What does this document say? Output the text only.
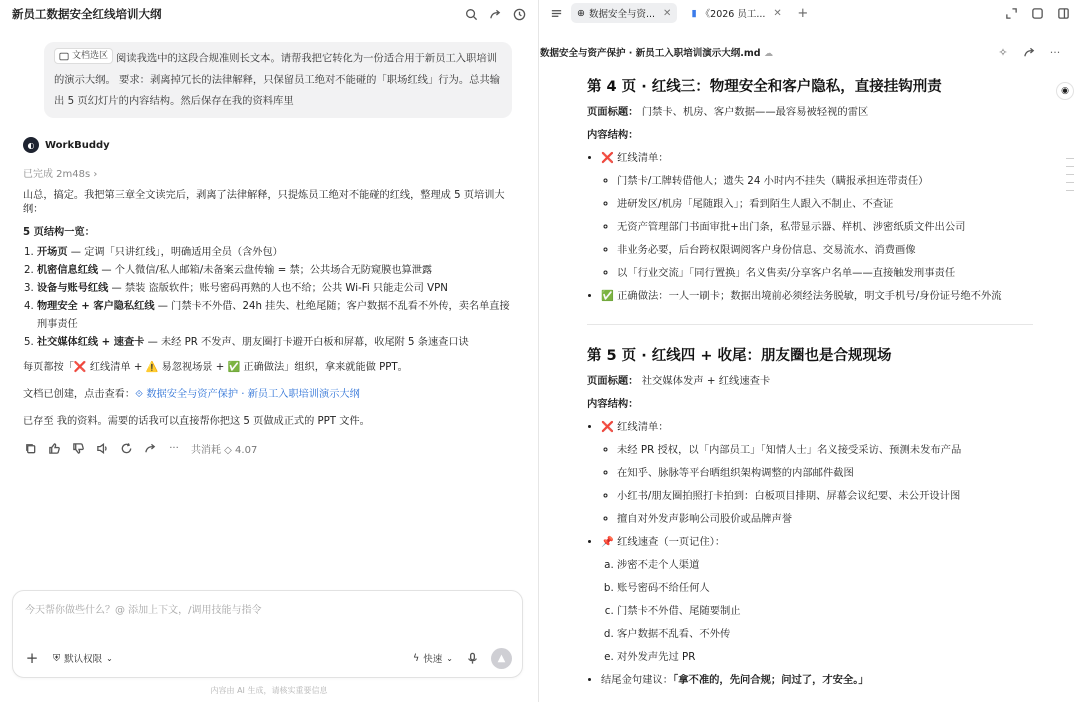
新员工数据安全红线培训大纲
文档选区 阅读我选中的这段合规准则长文本。请帮我把它转化为一份适合用于新员工入职培训的演示大纲。 要求：剥离掉冗长的法律解释，只保留员工绝对不能碰的「职场红线」行为。总共输出 5 页幻灯片的内容结构。然后保存在我的资料库里
◐	WorkBuddy
已完成 2m48s ›
山总，搞定。我把第三章全文读完后，剥离了法律解释，只提炼员工绝对不能碰的红线，整理成 5 页培训大纲：
5 页结构一览：
1. 开场页 — 定调「只讲红线」，明确适用全员（含外包）
2. 机密信息红线 — 个人微信/私人邮箱/未备案云盘传输 = 禁；公共场合无防窥膜也算泄露
3. 设备与账号红线 — 禁装 盗版软件；账号密码再熟的人也不给；公共 Wi-Fi 只能走公司 VPN
4. 物理安全 + 客户隐私红线 — 门禁卡不外借、24h 挂失、杜绝尾随；客户数据不乱看不外传，卖名单直接刑事责任
5. 社交媒体红线 + 速查卡 — 未经 PR 不发声、朋友圈打卡避开白板和屏幕，收尾附 5 条速查口诀
每页都按「❌ 红线清单 + ⚠️ 易忽视场景 + ✅ 正确做法」组织，拿来就能做 PPT。
文档已创建，点击查看：⟐ 数据安全与资产保护 · 新员工入职培训演示大纲
已存至 我的资料。需要的话我可以直接帮你把这 5 页做成正式的 PPT 文件。
··· 共消耗 ◇ 4.07
今天帮你做些什么？@ 添加上下文，/调用技能与指令
+ ⛨ 默认权限 ⌄	ϟ 快速 ⌄	▲
内容由 AI 生成，请核实重要信息
⊕ 数据安全与资... ✕ ▮ 《2026 员工... ✕ +
数据安全与资产保护 · 新员工入职培训演示大纲.md ☁	✧	···
◉
第 4 页 · 红线三：物理安全和客户隐私，直接挂钩刑责
页面标题： 门禁卡、机房、客户数据——最容易被轻视的雷区
内容结构：
• ❌ 红线清单：
◦ 门禁卡/工牌转借他人；遗失 24 小时内不挂失（瞒报承担连带责任）
◦ 进研发区/机房「尾随跟入」；看到陌生人跟入不制止、不查证
◦ 无资产管理部门书面审批+出门条，私带显示器、样机、涉密纸质文件出公司
◦ 非业务必要，后台跨权限调阅客户身份信息、交易流水、消费画像
◦ 以「行业交流」「同行置换」名义售卖/分享客户名单——直接触发刑事责任
• ✅ 正确做法：一人一刷卡；数据出境前必须经法务脱敏，明文手机号/身份证号绝不外流
第 5 页 · 红线四 + 收尾：朋友圈也是合规现场
页面标题： 社交媒体发声 + 红线速查卡
内容结构：
• ❌ 红线清单：
◦ 未经 PR 授权，以「内部员工」「知情人士」名义接受采访、预测未发布产品
◦ 在知乎、脉脉等平台晒组织架构调整的内部邮件截图
◦ 小红书/朋友圈拍照打卡拍到：白板项目排期、屏幕会议纪要、未公开设计图
◦ 擅自对外发声影响公司股价或品牌声誉
• 📌 红线速查（一页记住）：
a. 涉密不走个人渠道
b. 账号密码不给任何人
c. 门禁卡不外借、尾随要制止
d. 客户数据不乱看、不外传
e. 对外发声先过 PR
• 结尾金句建议：「拿不准的，先问合规；问过了，才安全。」
